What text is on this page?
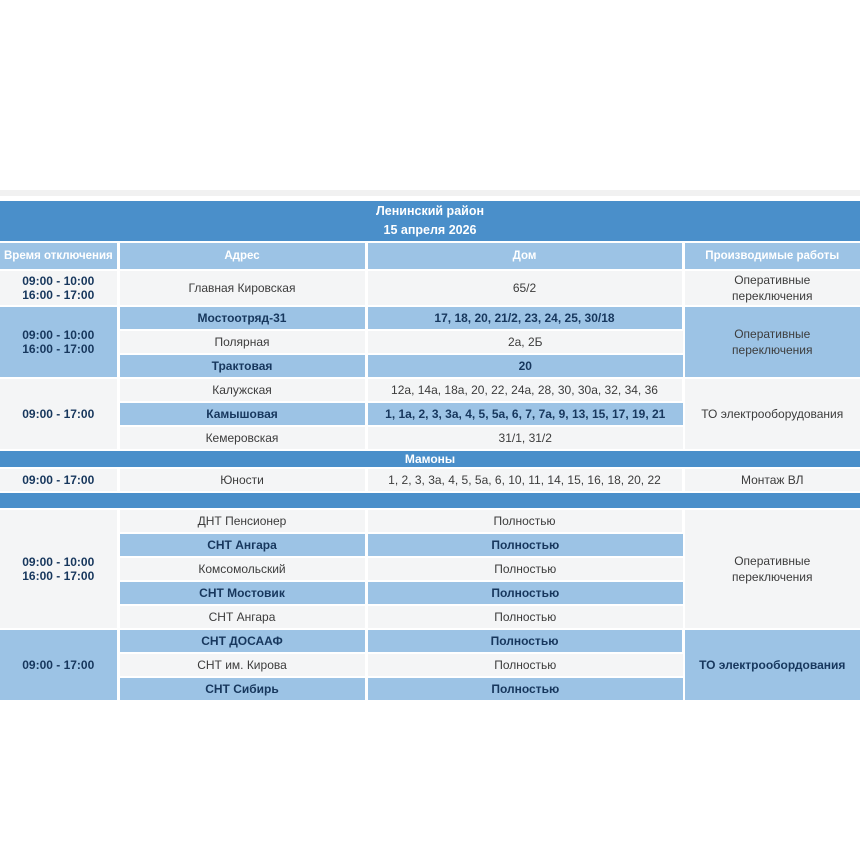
Ленинский район
15 апреля 2026			

Время отключения	Адрес	Дом	Производимые работы
09:00 - 10:00
16:00 - 17:00	Главная Кировская	65/2	Оперативные
переключения
09:00 - 10:00
16:00 - 17:00	Мостоотряд-31	17, 18, 20, 21/2, 23, 24, 25, 30/18	Оперативные
переключения
	Полярная	2а, 2Б	
	Трактовая	20	
09:00 - 17:00	Калужская	12а, 14а, 18а, 20, 22, 24а, 28, 30, 30а, 32, 34, 36	ТО электрооборудования
	Камышовая	1, 1а, 2, 3, 3а, 4, 5, 5а, 6, 7, 7а, 9, 13, 15, 17, 19, 21	
	Кемеровская	31/1, 31/2	
Мамоны			
09:00 - 17:00	Юности	1, 2, 3, 3а, 4, 5, 5а, 6, 10, 11, 14, 15, 16, 18, 20, 22	Монтаж ВЛ

09:00 - 10:00
16:00 - 17:00	ДНТ Пенсионер	Полностью	Оперативные
переключения
	СНТ Ангара	Полностью	
	Комсомольский	Полностью	
	СНТ Мостовик	Полностью	
	СНТ Ангара	Полностью	
09:00 - 17:00	СНТ ДОСААФ	Полностью	ТО электрообордования
	СНТ им. Кирова	Полностью	
	СНТ Сибирь	Полностью	
